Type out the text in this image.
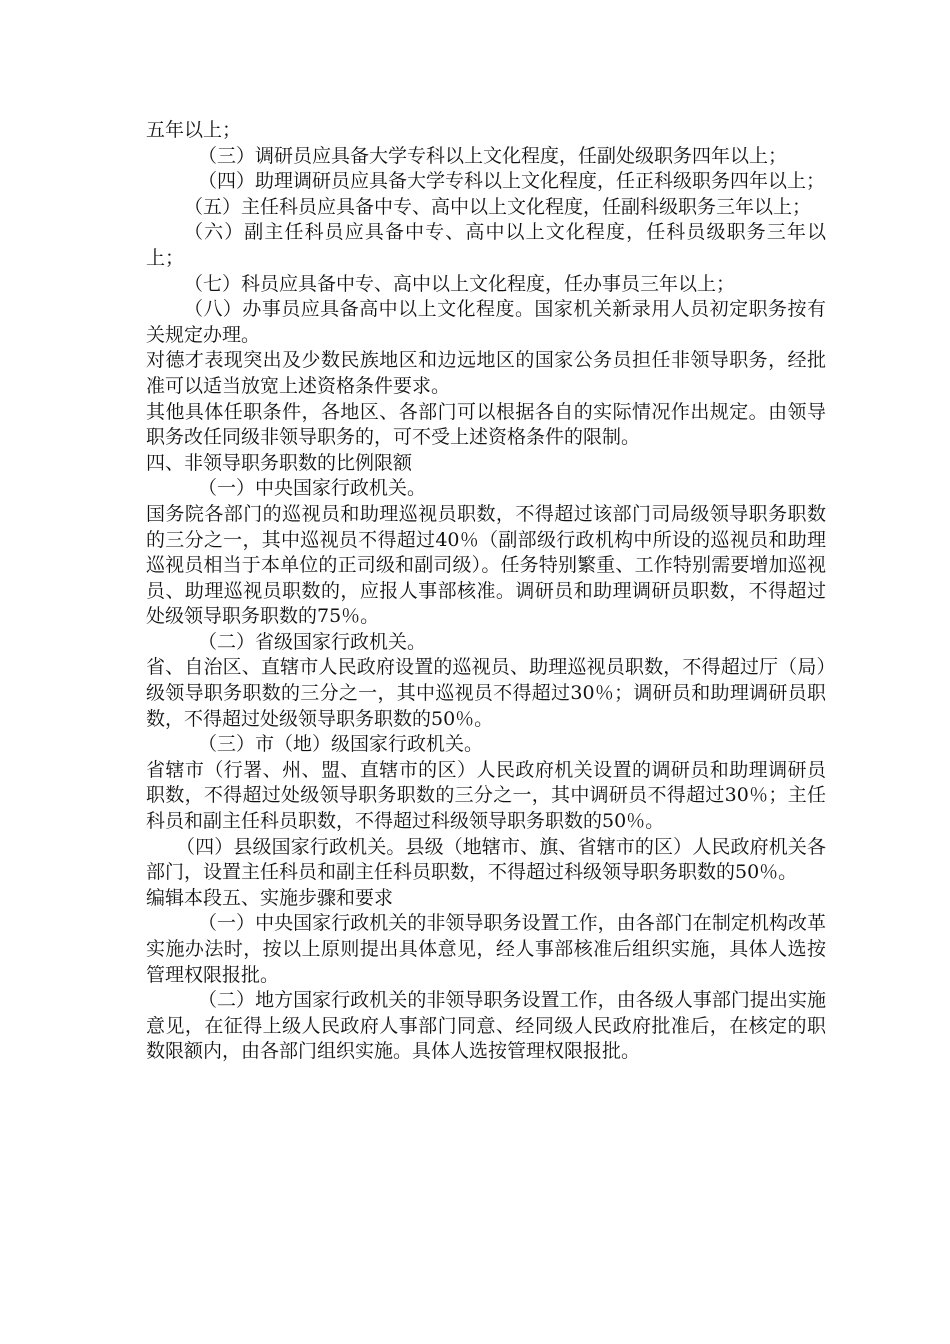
五年以上；

（三）调研员应具备大学专科以上文化程度，任副处级职务四年以上；

（四）助理调研员应具备大学专科以上文化程度，任正科级职务四年以上；

（五）主任科员应具备中专、高中以上文化程度，任副科级职务三年以上；

（六）副主任科员应具备中专、高中以上文化程度，任科员级职务三年以上；

（七）科员应具备中专、高中以上文化程度，任办事员三年以上；

（八）办事员应具备高中以上文化程度。国家机关新录用人员初定职务按有关规定办理。

对德才表现突出及少数民族地区和边远地区的国家公务员担任非领导职务，经批准可以适当放宽上述资格条件要求。

其他具体任职条件，各地区、各部门可以根据各自的实际情况作出规定。由领导职务改任同级非领导职务的，可不受上述资格条件的限制。

四、非领导职务职数的比例限额

（一）中央国家行政机关。

国务院各部门的巡视员和助理巡视员职数，不得超过该部门司局级领导职务职数的三分之一，其中巡视员不得超过40％（副部级行政机构中所设的巡视员和助理巡视员相当于本单位的正司级和副司级）。任务特别繁重、工作特别需要增加巡视员、助理巡视员职数的，应报人事部核准。调研员和助理调研员职数，不得超过处级领导职务职数的75％。

（二）省级国家行政机关。

省、自治区、直辖市人民政府设置的巡视员、助理巡视员职数，不得超过厅（局）级领导职务职数的三分之一，其中巡视员不得超过30％；调研员和助理调研员职数，不得超过处级领导职务职数的50％。

（三）市（地）级国家行政机关。

省辖市（行署、州、盟、直辖市的区）人民政府机关设置的调研员和助理调研员职数，不得超过处级领导职务职数的三分之一，其中调研员不得超过30％；主任科员和副主任科员职数，不得超过科级领导职务职数的50％。

（四）县级国家行政机关。县级（地辖市、旗、省辖市的区）人民政府机关各部门，设置主任科员和副主任科员职数，不得超过科级领导职务职数的50％。

编辑本段五、实施步骤和要求

（一）中央国家行政机关的非领导职务设置工作，由各部门在制定机构改革实施办法时，按以上原则提出具体意见，经人事部核准后组织实施，具体人选按管理权限报批。

（二）地方国家行政机关的非领导职务设置工作，由各级人事部门提出实施意见，在征得上级人民政府人事部门同意、经同级人民政府批准后，在核定的职数限额内，由各部门组织实施。具体人选按管理权限报批。
